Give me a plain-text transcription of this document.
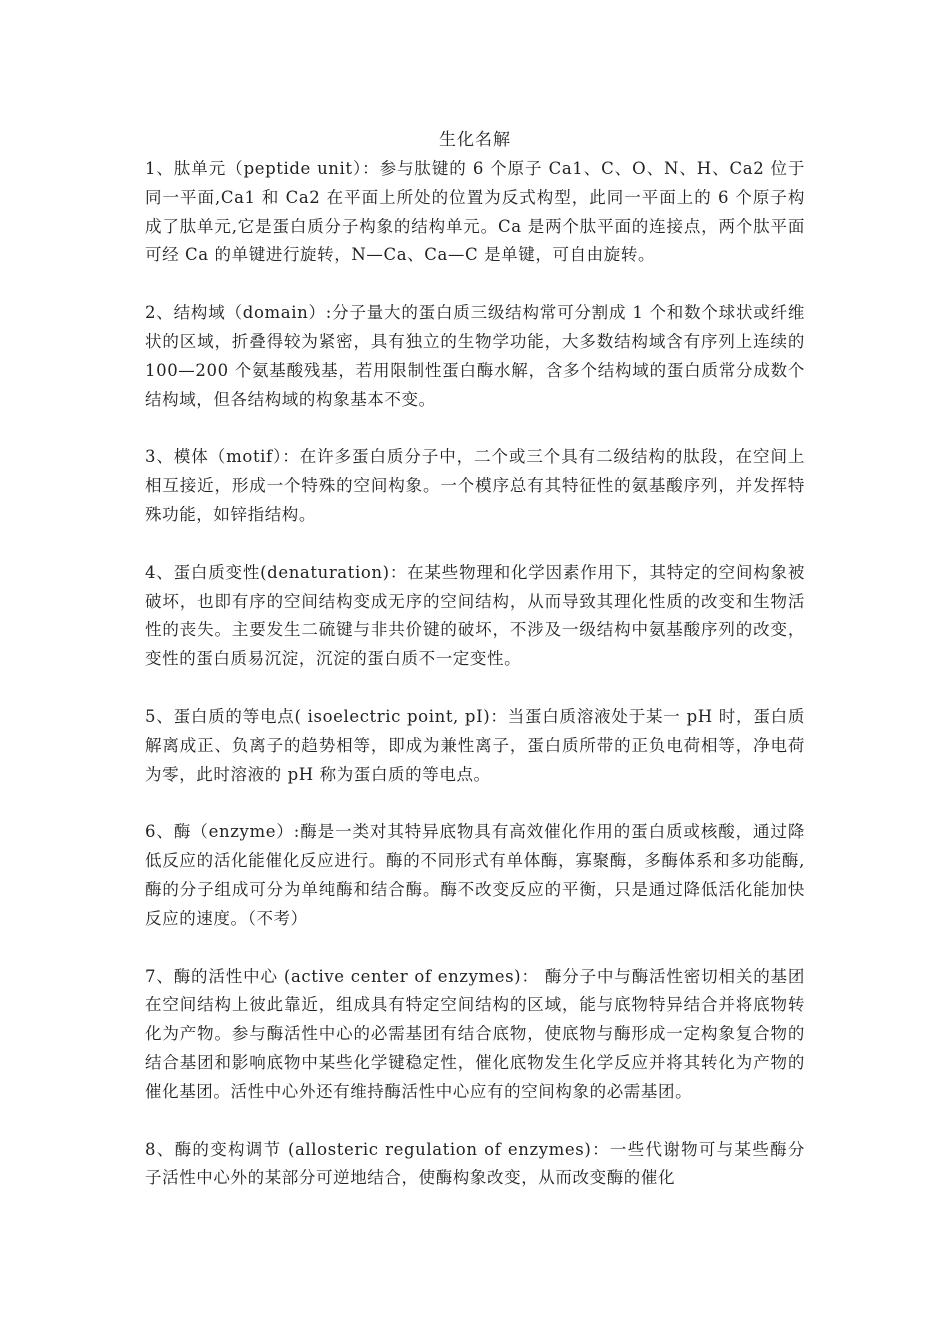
生化名解

1、肽单元（peptide unit）：参与肽键的 6 个原子 Ca1、C、O、N、H、Ca2 位于同一平面,Ca1 和 Ca2 在平面上所处的位置为反式构型，此同一平面上的 6 个原子构成了肽单元,它是蛋白质分子构象的结构单元。Ca 是两个肽平面的连接点，两个肽平面可经 Ca 的单键进行旋转，N—Ca、Ca—C 是单键，可自由旋转。

2、结构域（domain）:分子量大的蛋白质三级结构常可分割成 1 个和数个球状或纤维状的区域，折叠得较为紧密，具有独立的生物学功能，大多数结构域含有序列上连续的 100—200 个氨基酸残基，若用限制性蛋白酶水解，含多个结构域的蛋白质常分成数个结构域，但各结构域的构象基本不变。

3、模体（motif）：在许多蛋白质分子中，二个或三个具有二级结构的肽段，在空间上相互接近，形成一个特殊的空间构象。一个模序总有其特征性的氨基酸序列，并发挥特殊功能，如锌指结构。

4、蛋白质变性(denaturation)：在某些物理和化学因素作用下，其特定的空间构象被破坏，也即有序的空间结构变成无序的空间结构，从而导致其理化性质的改变和生物活性的丧失。主要发生二硫键与非共价键的破坏，不涉及一级结构中氨基酸序列的改变，变性的蛋白质易沉淀，沉淀的蛋白质不一定变性。

5、蛋白质的等电点( isoelectric point, pI)：当蛋白质溶液处于某一 pH 时，蛋白质解离成正、负离子的趋势相等，即成为兼性离子，蛋白质所带的正负电荷相等，净电荷为零，此时溶液的 pH 称为蛋白质的等电点。

6、酶（enzyme）:酶是一类对其特异底物具有高效催化作用的蛋白质或核酸，通过降低反应的活化能催化反应进行。酶的不同形式有单体酶，寡聚酶，多酶体系和多功能酶,酶的分子组成可分为单纯酶和结合酶。酶不改变反应的平衡，只是通过降低活化能加快反应的速度。（不考）

7、酶的活性中心 (active center of enzymes)： 酶分子中与酶活性密切相关的基团在空间结构上彼此靠近，组成具有特定空间结构的区域，能与底物特异结合并将底物转化为产物。参与酶活性中心的必需基团有结合底物，使底物与酶形成一定构象复合物的结合基团和影响底物中某些化学键稳定性，催化底物发生化学反应并将其转化为产物的催化基团。活性中心外还有维持酶活性中心应有的空间构象的必需基团。

8、酶的变构调节 (allosteric regulation of enzymes)：一些代谢物可与某些酶分子活性中心外的某部分可逆地结合，使酶构象改变，从而改变酶的催化
